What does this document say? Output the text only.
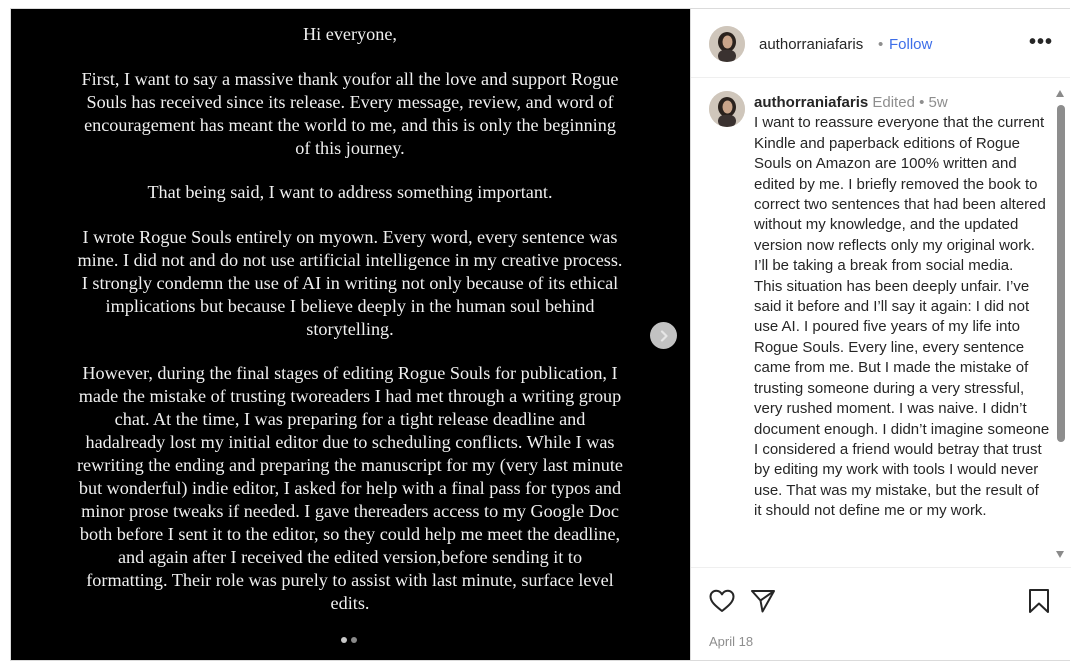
Hi everyone,

First, I want to say a massive thank youfor all the love and support Rogue Souls has received since its release. Every message, review, and word of encouragement has meant the world to me, and this is only the beginning of this journey.

That being said, I want to address something important.

I wrote Rogue Souls entirely on myown. Every word, every sentence was mine. I did not and do not use artificial intelligence in my creative process. I strongly condemn the use of AI in writing not only because of its ethical implications but because I believe deeply in the human soul behind storytelling.

However, during the final stages of editing Rogue Souls for publication, I made the mistake of trusting tworeaders I had met through a writing group chat. At the time, I was preparing for a tight release deadline and hadalready lost my initial editor due to scheduling conflicts. While I was rewriting the ending and preparing the manuscript for my (very last minute but wonderful) indie editor, I asked for help with a final pass for typos and minor prose tweaks if needed. I gave thereaders access to my Google Doc both before I sent it to the editor, so they could help me meet the deadline, and again after I received the edited version,before sending it to formatting. Their role was purely to assist with last minute, surface level edits.

authorraniafaris • Follow	•••
authorraniafaris Edited • 5w

I want to reassure everyone that the current Kindle and paperback editions of Rogue Souls on Amazon are 100% written and edited by me. I briefly removed the book to correct two sentences that had been altered without my knowledge, and the updated version now reflects only my original work. I’ll be taking a break from social media.

This situation has been deeply unfair. I’ve said it before and I’ll say it again: I did not use AI. I poured five years of my life into Rogue Souls. Every line, every sentence came from me. But I made the mistake of trusting someone during a very stressful, very rushed moment. I was naive. I didn’t document enough. I didn’t imagine someone I considered a friend would betray that trust by editing my work with tools I would never use. That was my mistake, but the result of it should not define me or my work.

April 18
